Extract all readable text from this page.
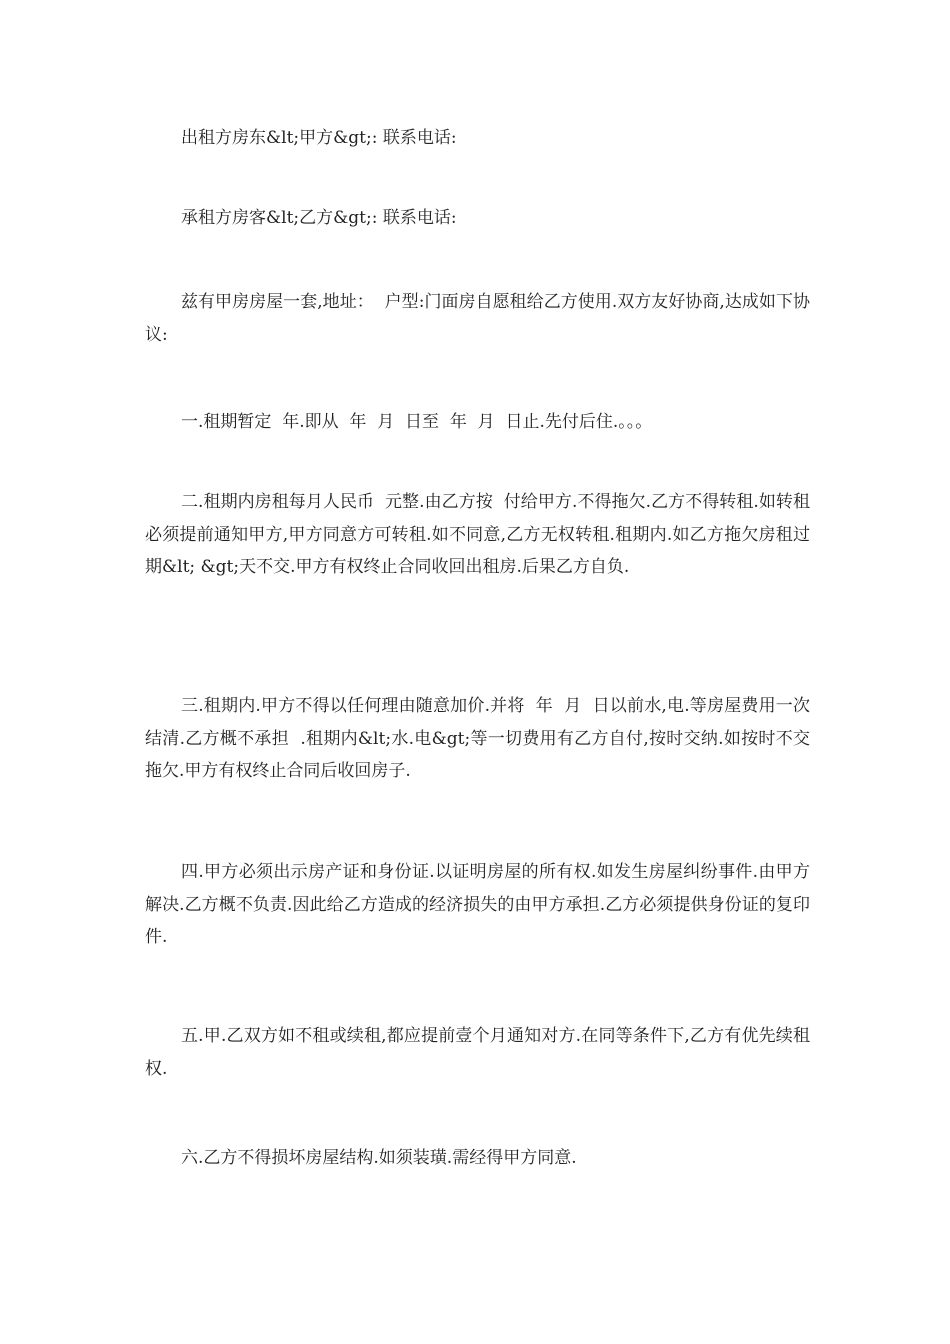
出租方房东&lt;甲方&gt;: 联系电话:

承租方房客&lt;乙方&gt;: 联系电话:

兹有甲房房屋一套,地址：  户型:门面房自愿租给乙方使用.双方友好协商,达成如下协议:

一.租期暂定  年.即从  年  月  日至  年  月  日止.先付后住.。。。

二.租期内房租每月人民币  元整.由乙方按  付给甲方.不得拖欠.乙方不得转租.如转租必须提前通知甲方,甲方同意方可转租.如不同意,乙方无权转租.租期内.如乙方拖欠房租过期&lt; &gt;天不交.甲方有权终止合同收回出租房.后果乙方自负.

三.租期内.甲方不得以任何理由随意加价.并将  年  月  日以前水,电.等房屋费用一次结清.乙方概不承担  .租期内&lt;水.电&gt;等一切费用有乙方自付,按时交纳.如按时不交拖欠.甲方有权终止合同后收回房子.

四.甲方必须出示房产证和身份证.以证明房屋的所有权.如发生房屋纠纷事件.由甲方解决.乙方概不负责.因此给乙方造成的经济损失的由甲方承担.乙方必须提供身份证的复印件.

五.甲.乙双方如不租或续租,都应提前壹个月通知对方.在同等条件下,乙方有优先续租权.

六.乙方不得损坏房屋结构.如须装璜.需经得甲方同意.
